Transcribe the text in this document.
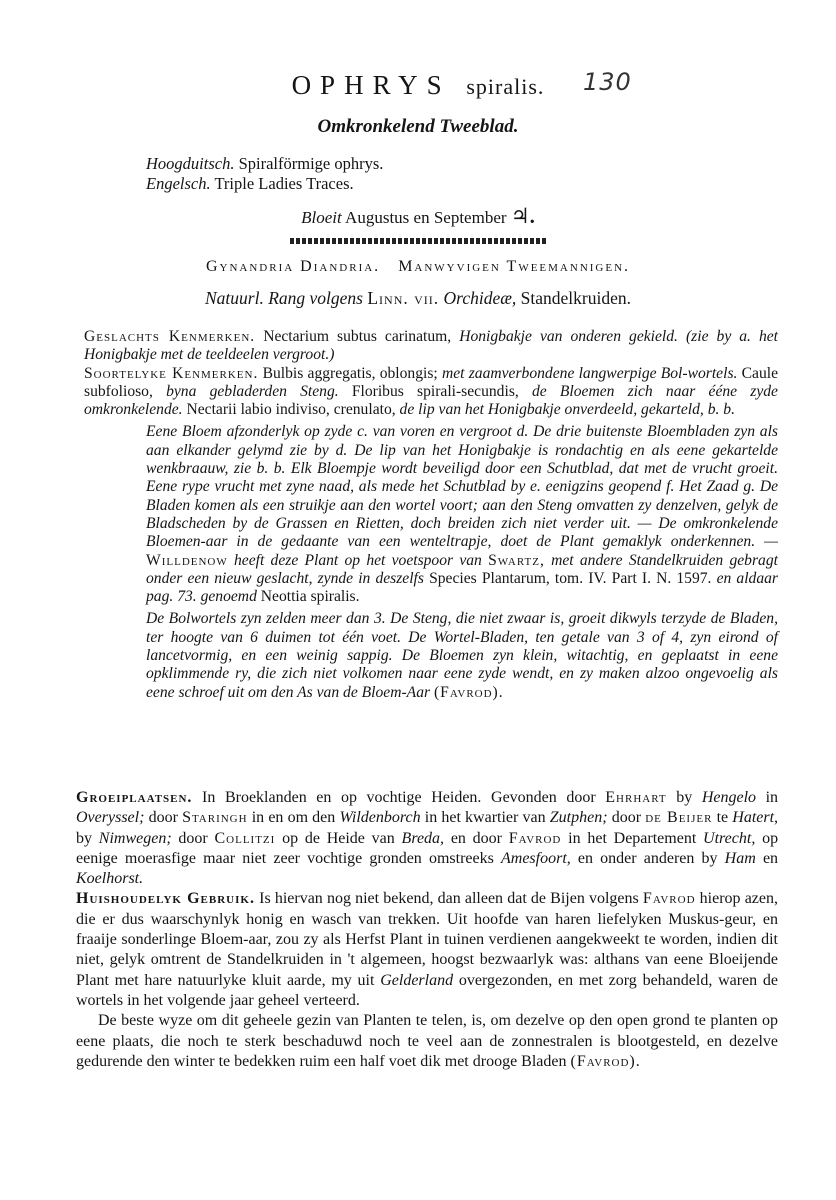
OPHRYS spiralis.	130
Omkronkelend Tweeblad.
Hoogduitsch. Spiralförmige ophrys.
Engelsch. Triple Ladies Traces.
Bloeit Augustus en September ♃.
Gynandria Diandria. Manwyvigen Tweemannigen.
Natuurl. Rang volgens Linn. vii. Orchideæ, Standelkruiden.

Geslachts Kenmerken. Nectarium subtus carinatum, Honigbakje van onderen gekield. (zie by a. het Honigbakje met de teeldeelen vergroot.)

Soortelyke Kenmerken. Bulbis aggregatis, oblongis; met zaamverbondene langwerpige Bol-wortels. Caule subfolioso, byna gebladerden Steng. Floribus spirali-secundis, de Bloemen zich naar ééne zyde omkronkelende. Nectarii labio indiviso, crenulato, de lip van het Honigbakje onverdeeld, gekarteld, b. b.

Eene Bloem afzonderlyk op zyde c. van voren en vergroot d. De drie buitenste Bloembladen zyn als aan elkander gelymd zie by d. De lip van het Honigbakje is rondachtig en als eene gekartelde wenkbraauw, zie b. b. Elk Bloempje wordt beveiligd door een Schutblad, dat met de vrucht groeit. Eene rype vrucht met zyne naad, als mede het Schutblad by e. eenigzins geopend f. Het Zaad g. De Bladen komen als een struikje aan den wortel voort; aan den Steng omvatten zy denzelven, gelyk de Bladscheden by de Grassen en Rietten, doch breiden zich niet verder uit. — De omkronkelende Bloemen-aar in de gedaante van een wenteltrapje, doet de Plant gemaklyk onderkennen. — Willdenow heeft deze Plant op het voetspoor van Swartz, met andere Standelkruiden gebragt onder een nieuw geslacht, zynde in deszelfs Species Plantarum, tom. IV. Part I. N. 1597. en aldaar pag. 73. genoemd Neottia spiralis.

De Bolwortels zyn zelden meer dan 3. De Steng, die niet zwaar is, groeit dikwyls terzyde de Bladen, ter hoogte van 6 duimen tot één voet. De Wortel-Bladen, ten getale van 3 of 4, zyn eirond of lancetvormig, en een weinig sappig. De Bloemen zyn klein, witachtig, en geplaatst in eene opklimmende ry, die zich niet volkomen naar eene zyde wendt, en zy maken alzoo ongevoelig als eene schroef uit om den As van de Bloem-Aar (Favrod).

Groeiplaatsen. In Broeklanden en op vochtige Heiden. Gevonden door Ehrhart by Hengelo in Overyssel; door Staringh in en om den Wildenborch in het kwartier van Zutphen; door de Beijer te Hatert, by Nimwegen; door Collitzi op de Heide van Breda, en door Favrod in het Departement Utrecht, op eenige moerasfige maar niet zeer vochtige gronden omstreeks Amesfoort, en onder anderen by Ham en Koelhorst.

Huishoudelyk Gebruik. Is hiervan nog niet bekend, dan alleen dat de Bijen volgens Favrod hierop azen, die er dus waarschynlyk honig en wasch van trekken. Uit hoofde van haren liefelyken Muskus-geur, en fraaije sonderlinge Bloem-aar, zou zy als Herfst Plant in tuinen verdienen aangekweekt te worden, indien dit niet, gelyk omtrent de Standelkruiden in 't algemeen, hoogst bezwaarlyk was: althans van eene Bloeijende Plant met hare natuurlyke kluit aarde, my uit Gelderland overgezonden, en met zorg behandeld, waren de wortels in het volgende jaar geheel verteerd.

De beste wyze om dit geheele gezin van Planten te telen, is, om dezelve op den open grond te planten op eene plaats, die noch te sterk beschaduwd noch te veel aan de zonnestralen is blootgesteld, en dezelve gedurende den winter te bedekken ruim een half voet dik met drooge Bladen (Favrod).
